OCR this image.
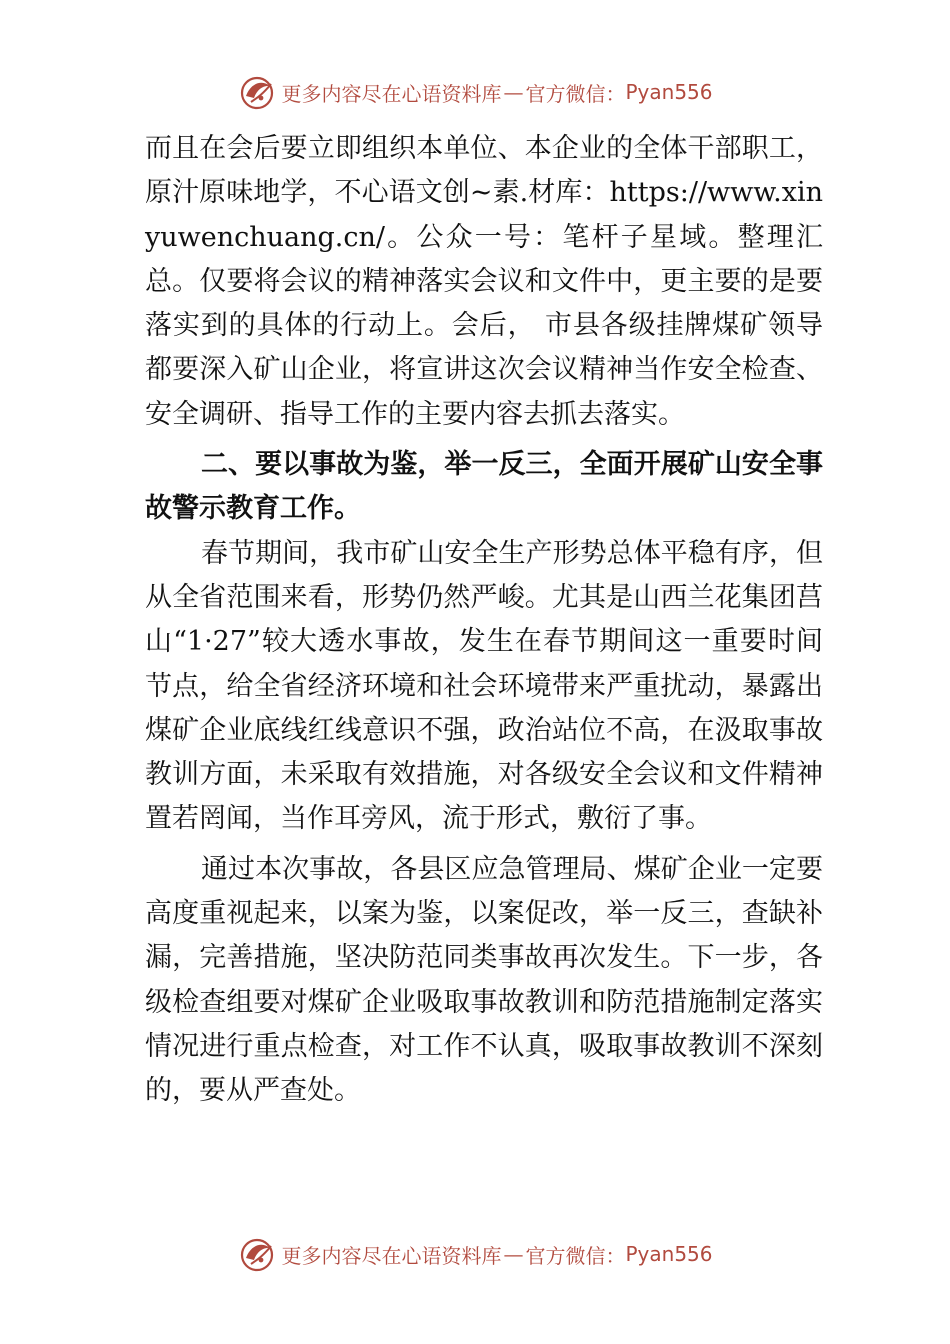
更多内容尽在心语资料库 — 官方微信： Pyan556

而且在会后要立即组织本单位、本企业的全体干部职工，原汁原味地学，不心语文创~素.材库：https://www.xinyuwenchuang.cn/。公众一号：笔杆子星域。整理汇总。仅要将会议的精神落实会议和文件中，更主要的是要落实到的具体的行动上。会后， 市县各级挂牌煤矿领导都要深入矿山企业，将宣讲这次会议精神当作安全检查、安全调研、指导工作的主要内容去抓去落实。

二、要以事故为鉴，举一反三，全面开展矿山安全事故警示教育工作。

春节期间，我市矿山安全生产形势总体平稳有序，但从全省范围来看，形势仍然严峻。尤其是山西兰花集团莒山“1·27”较大透水事故，发生在春节期间这一重要时间节点，给全省经济环境和社会环境带来严重扰动，暴露出煤矿企业底线红线意识不强，政治站位不高，在汲取事故教训方面，未采取有效措施，对各级安全会议和文件精神置若罔闻，当作耳旁风，流于形式，敷衍了事。

通过本次事故，各县区应急管理局、煤矿企业一定要高度重视起来，以案为鉴，以案促改，举一反三，查缺补漏，完善措施，坚决防范同类事故再次发生。下一步，各级检查组要对煤矿企业吸取事故教训和防范措施制定落实情况进行重点检查，对工作不认真，吸取事故教训不深刻的，要从严查处。

更多内容尽在心语资料库 — 官方微信： Pyan556
